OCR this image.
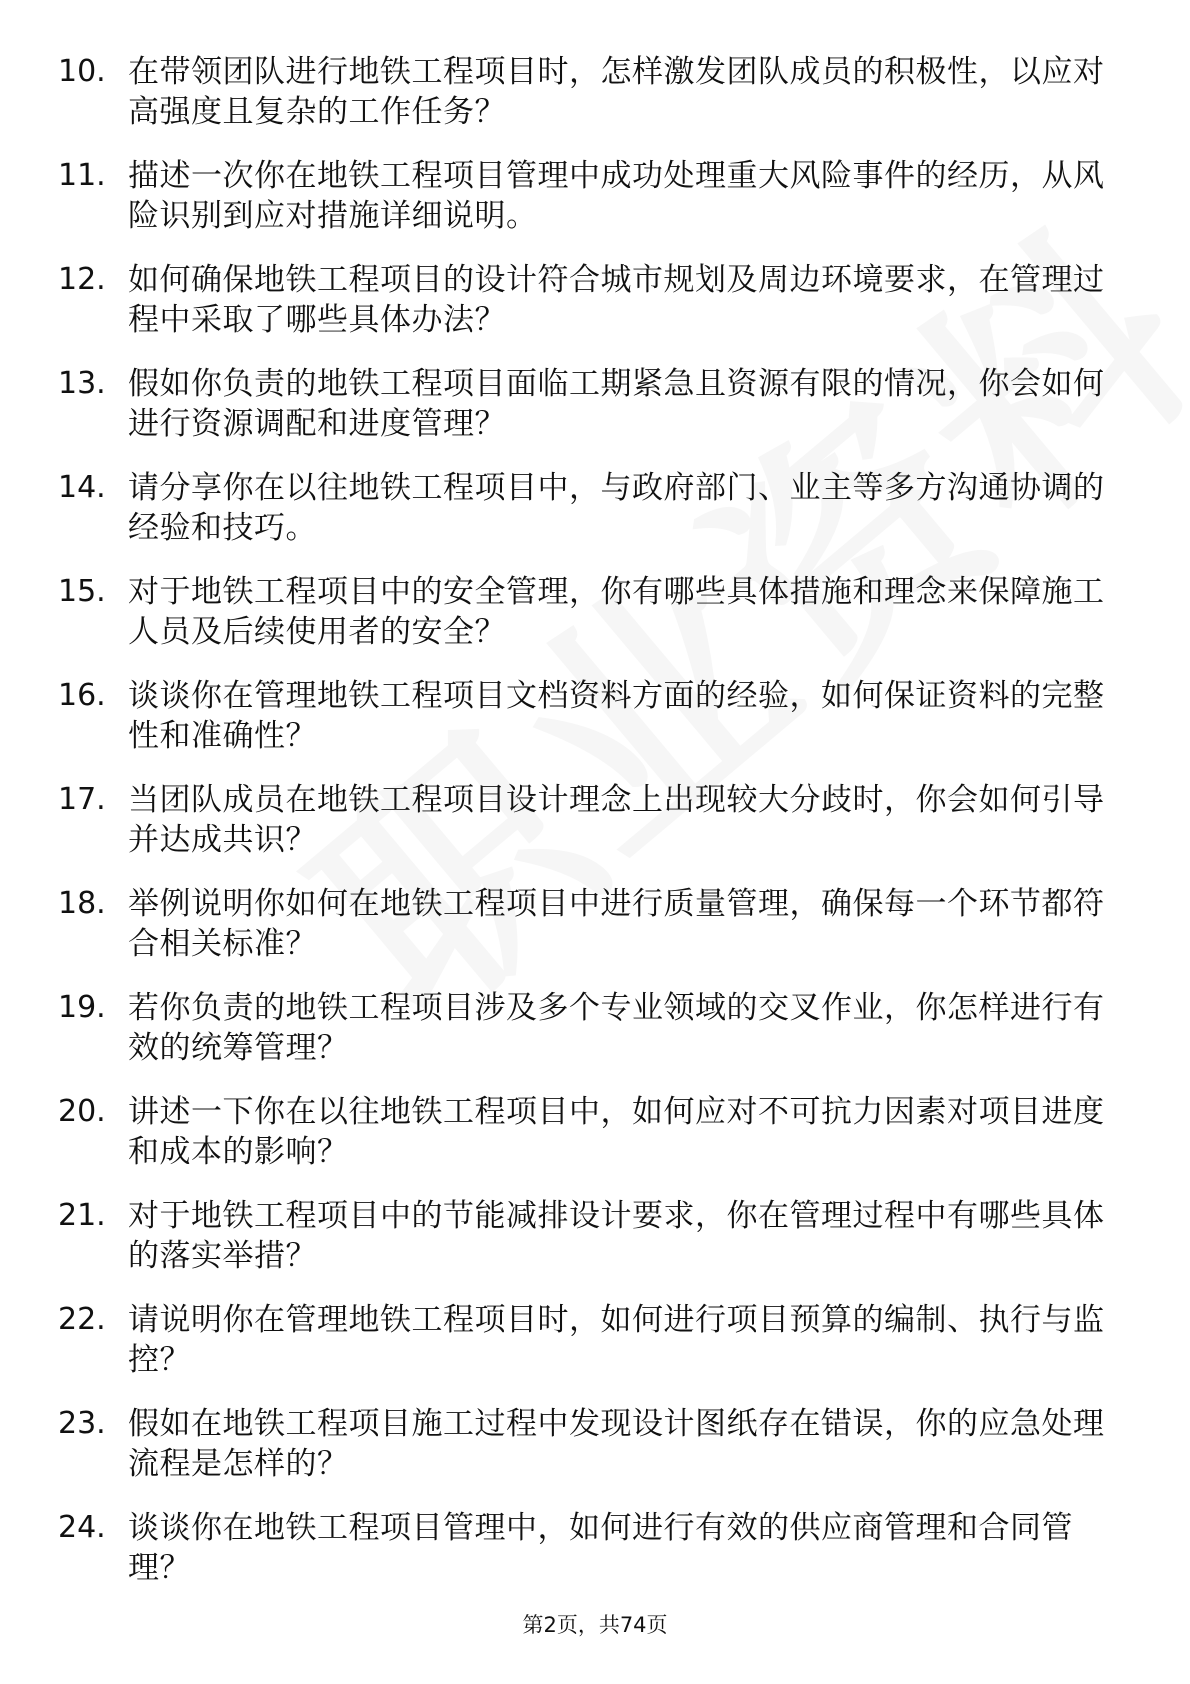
10. 在带领团队进行地铁工程项目时，怎样激发团队成员的积极性，以应对高强度且复杂的工作任务？
11. 描述一次你在地铁工程项目管理中成功处理重大风险事件的经历，从风险识别到应对措施详细说明。
12. 如何确保地铁工程项目的设计符合城市规划及周边环境要求，在管理过程中采取了哪些具体办法？
13. 假如你负责的地铁工程项目面临工期紧急且资源有限的情况，你会如何进行资源调配和进度管理？
14. 请分享你在以往地铁工程项目中，与政府部门、业主等多方沟通协调的经验和技巧。
15. 对于地铁工程项目中的安全管理，你有哪些具体措施和理念来保障施工人员及后续使用者的安全？
16. 谈谈你在管理地铁工程项目文档资料方面的经验，如何保证资料的完整性和准确性？
17. 当团队成员在地铁工程项目设计理念上出现较大分歧时，你会如何引导并达成共识？
18. 举例说明你如何在地铁工程项目中进行质量管理，确保每一个环节都符合相关标准？
19. 若你负责的地铁工程项目涉及多个专业领域的交叉作业，你怎样进行有效的统筹管理？
20. 讲述一下你在以往地铁工程项目中，如何应对不可抗力因素对项目进度和成本的影响？
21. 对于地铁工程项目中的节能减排设计要求，你在管理过程中有哪些具体的落实举措？
22. 请说明你在管理地铁工程项目时，如何进行项目预算的编制、执行与监控？
23. 假如在地铁工程项目施工过程中发现设计图纸存在错误，你的应急处理流程是怎样的？
24. 谈谈你在地铁工程项目管理中，如何进行有效的供应商管理和合同管理？
第2页，共74页
